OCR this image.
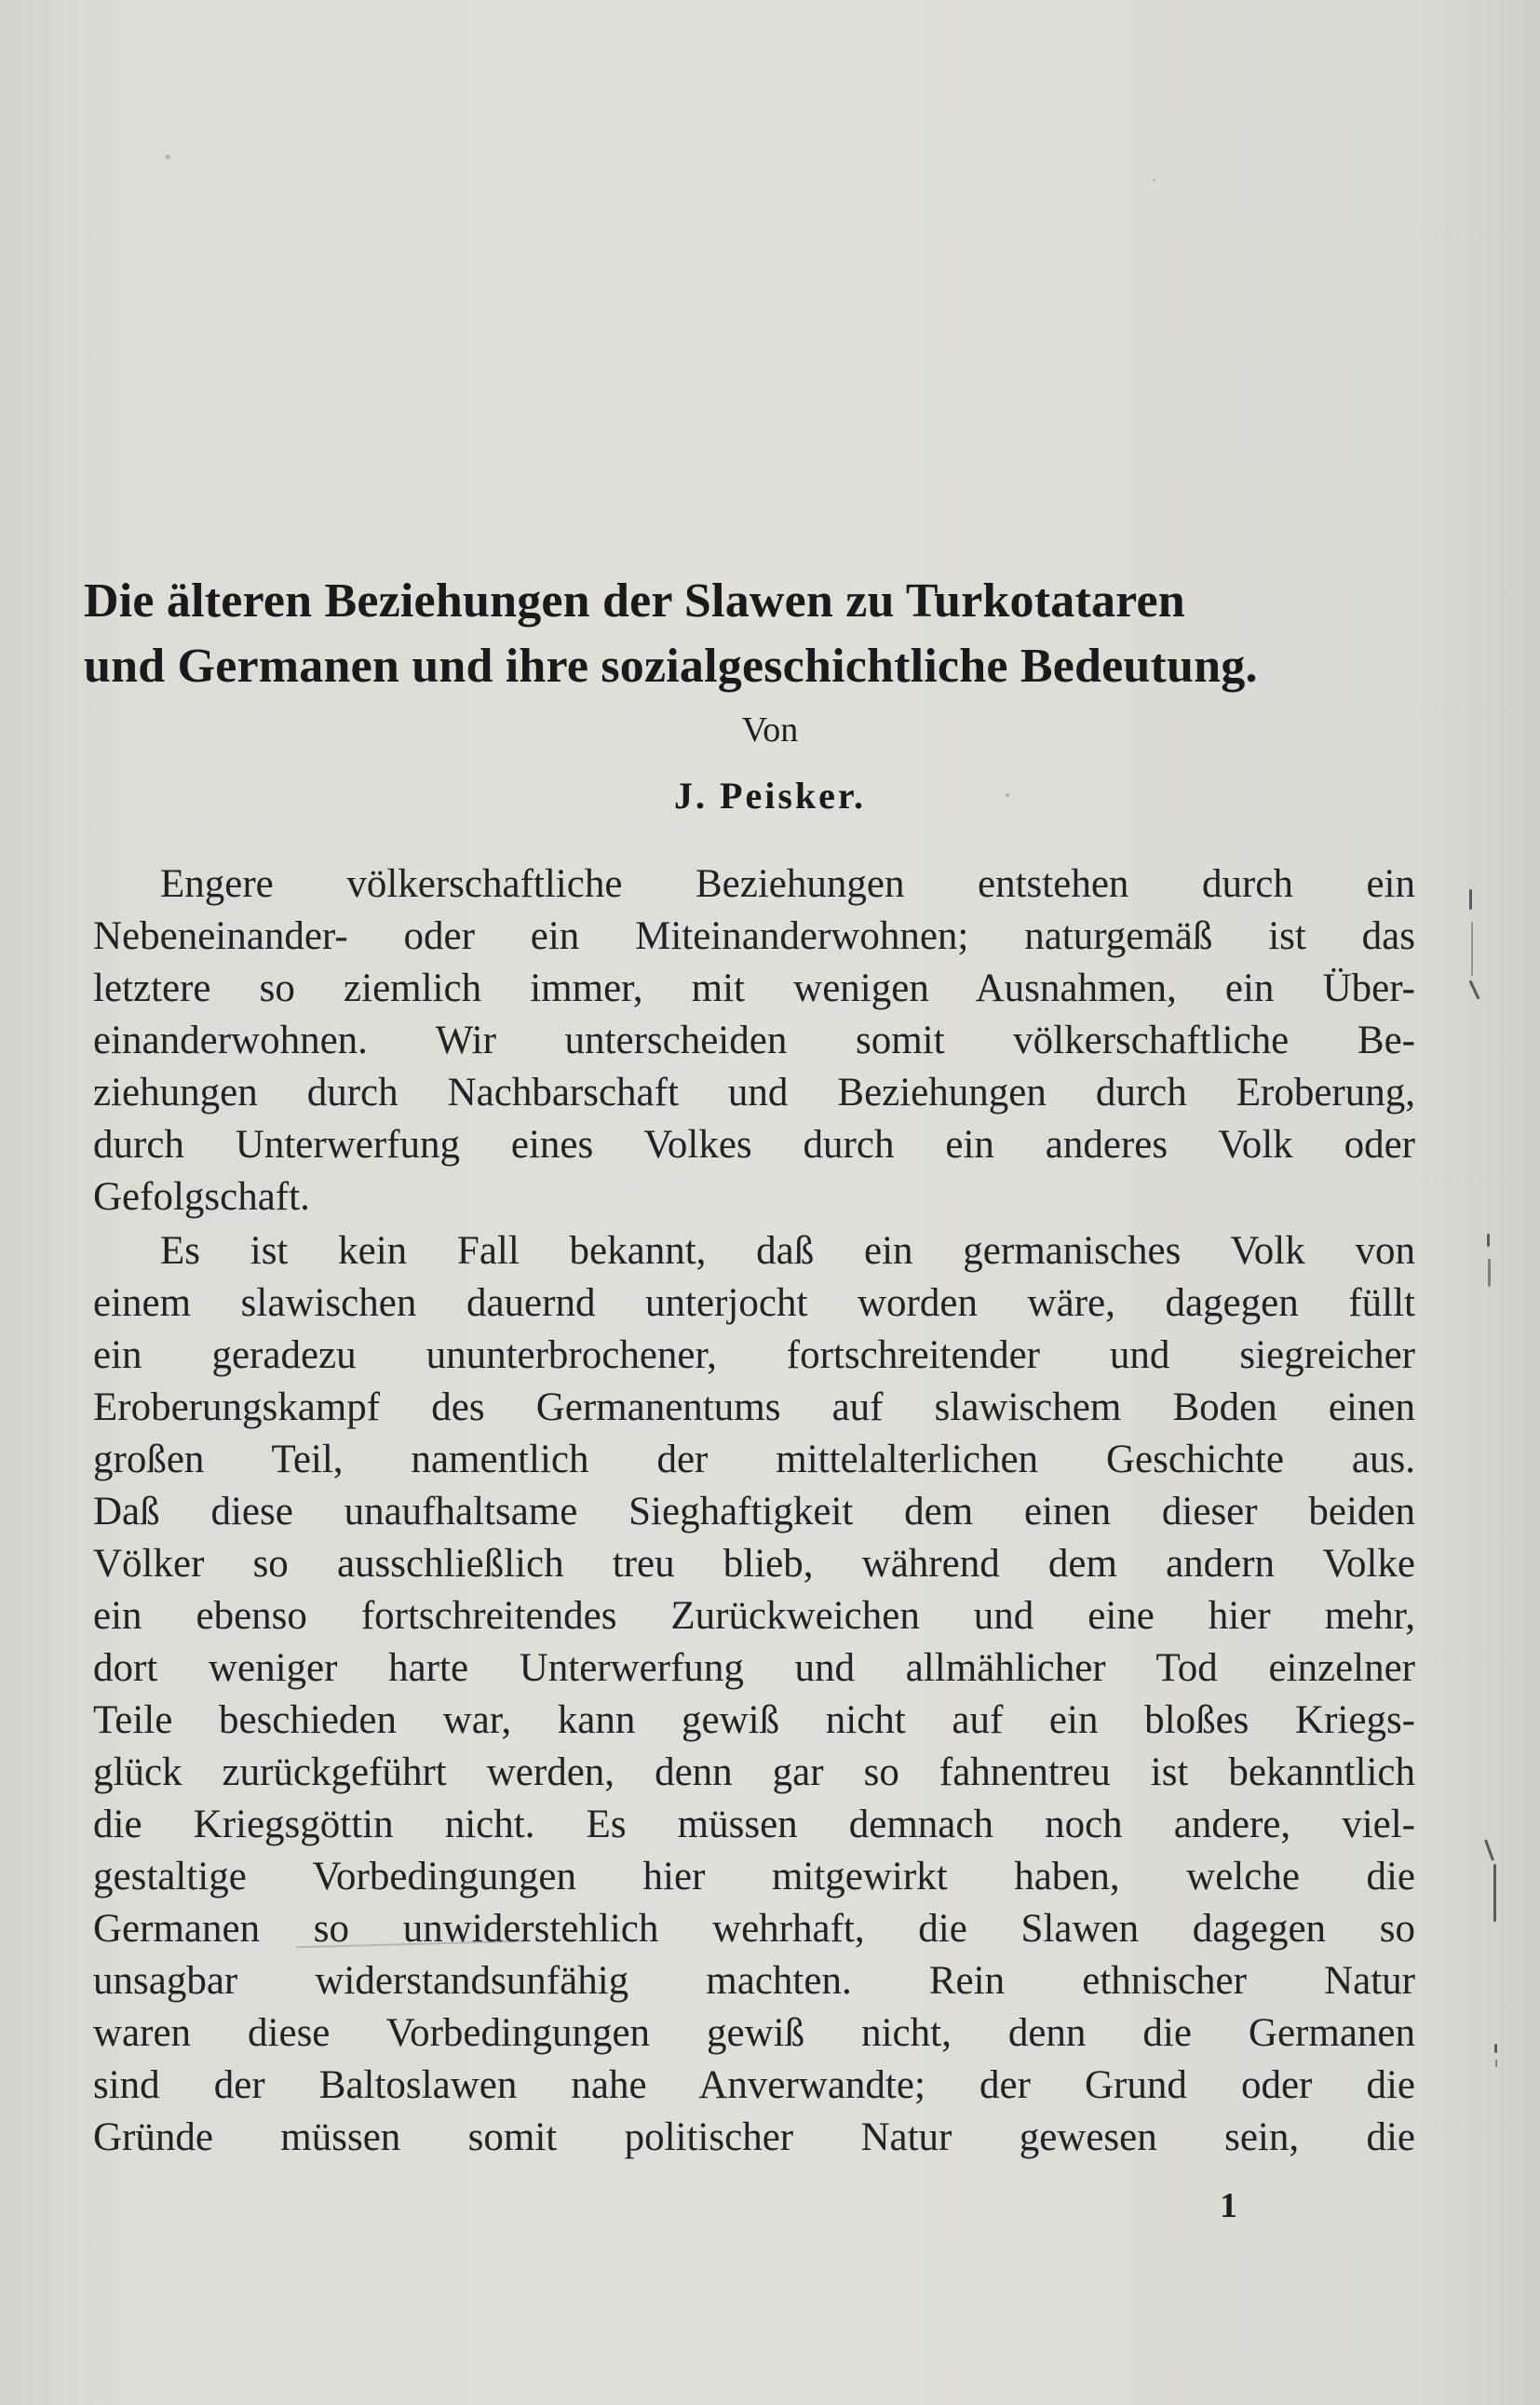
Die älteren Beziehungen der Slawen zu Turkotataren
und Germanen und ihre sozialgeschichtliche Bedeutung.
Von
J. Peisker.
Engere völkerschaftliche Beziehungen entstehen durch ein
Nebeneinander- oder ein Miteinanderwohnen; naturgemäß ist das
letztere so ziemlich immer, mit wenigen Ausnahmen, ein Über-
einanderwohnen. Wir unterscheiden somit völkerschaftliche Be-
ziehungen durch Nachbarschaft und Beziehungen durch Eroberung,
durch Unterwerfung eines Volkes durch ein anderes Volk oder
Gefolgschaft.
Es ist kein Fall bekannt, daß ein germanisches Volk von
einem slawischen dauernd unterjocht worden wäre, dagegen füllt
ein geradezu ununterbrochener, fortschreitender und siegreicher
Eroberungskampf des Germanentums auf slawischem Boden einen
großen Teil, namentlich der mittelalterlichen Geschichte aus.
Daß diese unaufhaltsame Sieghaftigkeit dem einen dieser beiden
Völker so ausschließlich treu blieb, während dem andern Volke
ein ebenso fortschreitendes Zurückweichen und eine hier mehr,
dort weniger harte Unterwerfung und allmählicher Tod einzelner
Teile beschieden war, kann gewiß nicht auf ein bloßes Kriegs-
glück zurückgeführt werden, denn gar so fahnentreu ist bekanntlich
die Kriegsgöttin nicht. Es müssen demnach noch andere, viel-
gestaltige Vorbedingungen hier mitgewirkt haben, welche die
Germanen so unwiderstehlich wehrhaft, die Slawen dagegen so
unsagbar widerstandsunfähig machten. Rein ethnischer Natur
waren diese Vorbedingungen gewiß nicht, denn die Germanen
sind der Baltoslawen nahe Anverwandte; der Grund oder die
Gründe müssen somit politischer Natur gewesen sein, die
1
